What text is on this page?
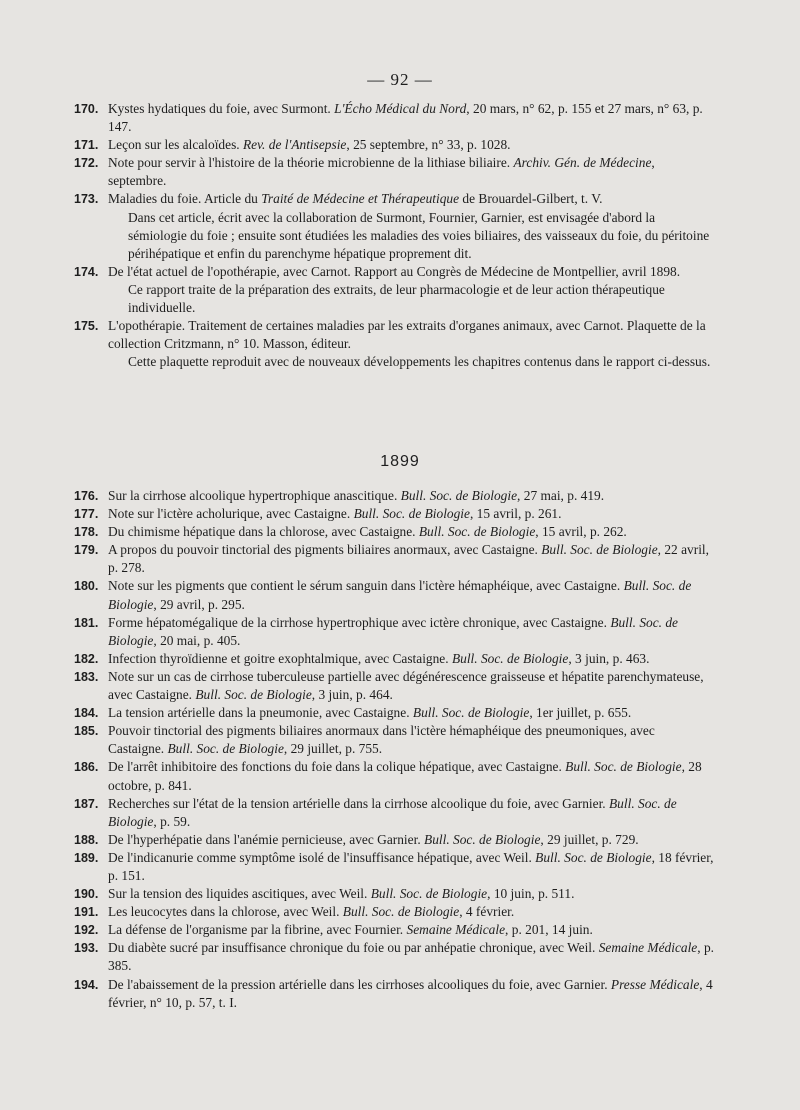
— 92 —
170. Kystes hydatiques du foie, avec Surmont. L'Écho Médical du Nord, 20 mars, n° 62, p. 155 et 27 mars, n° 63, p. 147.

171. Leçon sur les alcaloïdes. Rev. de l'Antisepsie, 25 septembre, n° 33, p. 1028.

172. Note pour servir à l'histoire de la théorie microbienne de la lithiase biliaire. Archiv. Gén. de Médecine, septembre.

173. Maladies du foie. Article du Traité de Médecine et Thérapeutique de Brouardel-Gilbert, t. V.

Dans cet article, écrit avec la collaboration de Surmont, Fournier, Garnier, est envisagée d'abord la sémiologie du foie ; ensuite sont étudiées les maladies des voies biliaires, des vaisseaux du foie, du péritoine périhépatique et enfin du parenchyme hépatique proprement dit.

174. De l'état actuel de l'opothérapie, avec Carnot. Rapport au Congrès de Médecine de Montpellier, avril 1898.

Ce rapport traite de la préparation des extraits, de leur pharmacologie et de leur action thérapeutique individuelle.

175. L'opothérapie. Traitement de certaines maladies par les extraits d'organes animaux, avec Carnot. Plaquette de la collection Critzmann, n° 10. Masson, éditeur.

Cette plaquette reproduit avec de nouveaux développements les chapitres contenus dans le rapport ci-dessus.

1899
176. Sur la cirrhose alcoolique hypertrophique anascitique. Bull. Soc. de Biologie, 27 mai, p. 419.

177. Note sur l'ictère acholurique, avec Castaigne. Bull. Soc. de Biologie, 15 avril, p. 261.

178. Du chimisme hépatique dans la chlorose, avec Castaigne. Bull. Soc. de Biologie, 15 avril, p. 262.

179. A propos du pouvoir tinctorial des pigments biliaires anormaux, avec Castaigne. Bull. Soc. de Biologie, 22 avril, p. 278.

180. Note sur les pigments que contient le sérum sanguin dans l'ictère hémaphéique, avec Castaigne. Bull. Soc. de Biologie, 29 avril, p. 295.

181. Forme hépatomégalique de la cirrhose hypertrophique avec ictère chronique, avec Castaigne. Bull. Soc. de Biologie, 20 mai, p. 405.

182. Infection thyroïdienne et goitre exophtalmique, avec Castaigne. Bull. Soc. de Biologie, 3 juin, p. 463.

183. Note sur un cas de cirrhose tuberculeuse partielle avec dégénérescence graisseuse et hépatite parenchymateuse, avec Castaigne. Bull. Soc. de Biologie, 3 juin, p. 464.

184. La tension artérielle dans la pneumonie, avec Castaigne. Bull. Soc. de Biologie, 1er juillet, p. 655.

185. Pouvoir tinctorial des pigments biliaires anormaux dans l'ictère hémaphéique des pneumoniques, avec Castaigne. Bull. Soc. de Biologie, 29 juillet, p. 755.

186. De l'arrêt inhibitoire des fonctions du foie dans la colique hépatique, avec Castaigne. Bull. Soc. de Biologie, 28 octobre, p. 841.

187. Recherches sur l'état de la tension artérielle dans la cirrhose alcoolique du foie, avec Garnier. Bull. Soc. de Biologie, p. 59.

188. De l'hyperhépatie dans l'anémie pernicieuse, avec Garnier. Bull. Soc. de Biologie, 29 juillet, p. 729.

189. De l'indicanurie comme symptôme isolé de l'insuffisance hépatique, avec Weil. Bull. Soc. de Biologie, 18 février, p. 151.

190. Sur la tension des liquides ascitiques, avec Weil. Bull. Soc. de Biologie, 10 juin, p. 511.

191. Les leucocytes dans la chlorose, avec Weil. Bull. Soc. de Biologie, 4 février.

192. La défense de l'organisme par la fibrine, avec Fournier. Semaine Médicale, p. 201, 14 juin.

193. Du diabète sucré par insuffisance chronique du foie ou par anhépatie chronique, avec Weil. Semaine Médicale, p. 385.

194. De l'abaissement de la pression artérielle dans les cirrhoses alcooliques du foie, avec Garnier. Presse Médicale, 4 février, n° 10, p. 57, t. I.
